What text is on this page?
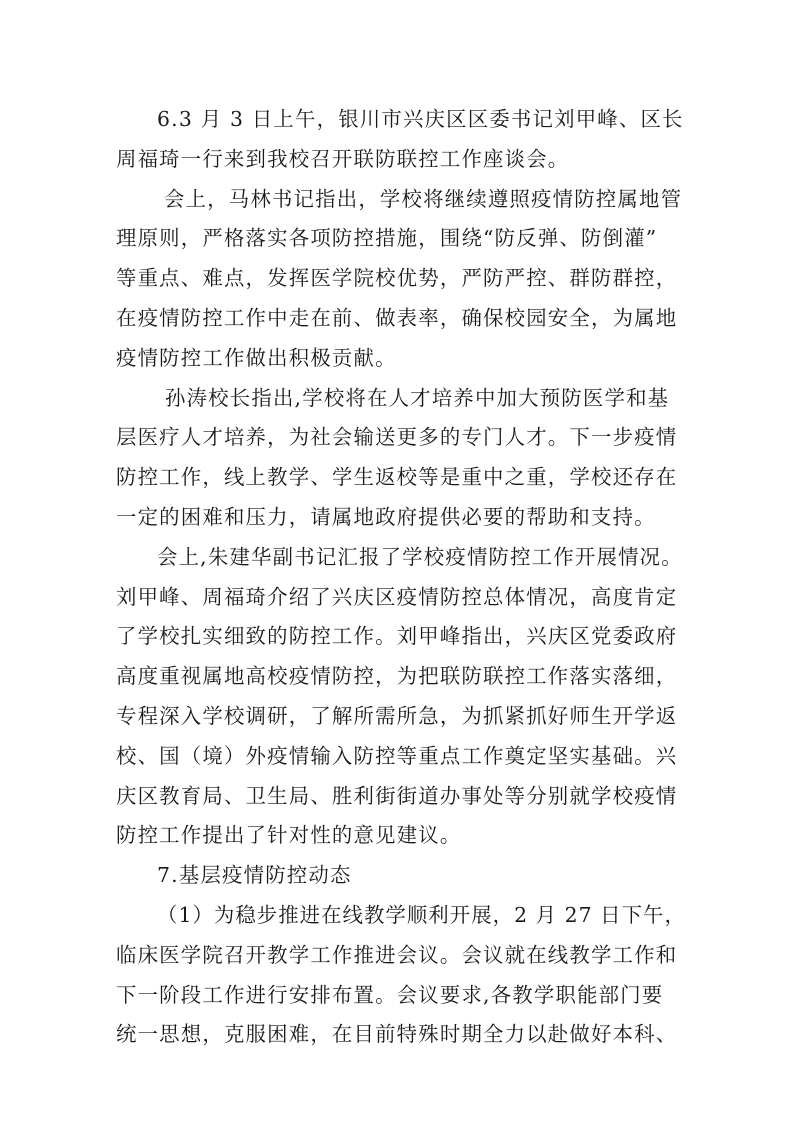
6.3 月 3 日上午，银川市兴庆区区委书记刘甲峰、区长
周福琦一行来到我校召开联防联控工作座谈会。

会上，马林书记指出，学校将继续遵照疫情防控属地管
理原则，严格落实各项防控措施，围绕“防反弹、防倒灌”
等重点、难点，发挥医学院校优势，严防严控、群防群控，
在疫情防控工作中走在前、做表率，确保校园安全，为属地
疫情防控工作做出积极贡献。

孙涛校长指出,学校将在人才培养中加大预防医学和基
层医疗人才培养，为社会输送更多的专门人才。下一步疫情
防控工作，线上教学、学生返校等是重中之重，学校还存在
一定的困难和压力，请属地政府提供必要的帮助和支持。

会上,朱建华副书记汇报了学校疫情防控工作开展情况。
刘甲峰、周福琦介绍了兴庆区疫情防控总体情况，高度肯定
了学校扎实细致的防控工作。刘甲峰指出，兴庆区党委政府
高度重视属地高校疫情防控，为把联防联控工作落实落细，
专程深入学校调研，了解所需所急，为抓紧抓好师生开学返
校、国（境）外疫情输入防控等重点工作奠定坚实基础。兴
庆区教育局、卫生局、胜利街街道办事处等分别就学校疫情
防控工作提出了针对性的意见建议。

7.基层疫情防控动态

（1）为稳步推进在线教学顺利开展，2 月 27 日下午，
临床医学院召开教学工作推进会议。会议就在线教学工作和
下一阶段工作进行安排布置。会议要求,各教学职能部门要
统一思想，克服困难，在目前特殊时期全力以赴做好本科、
